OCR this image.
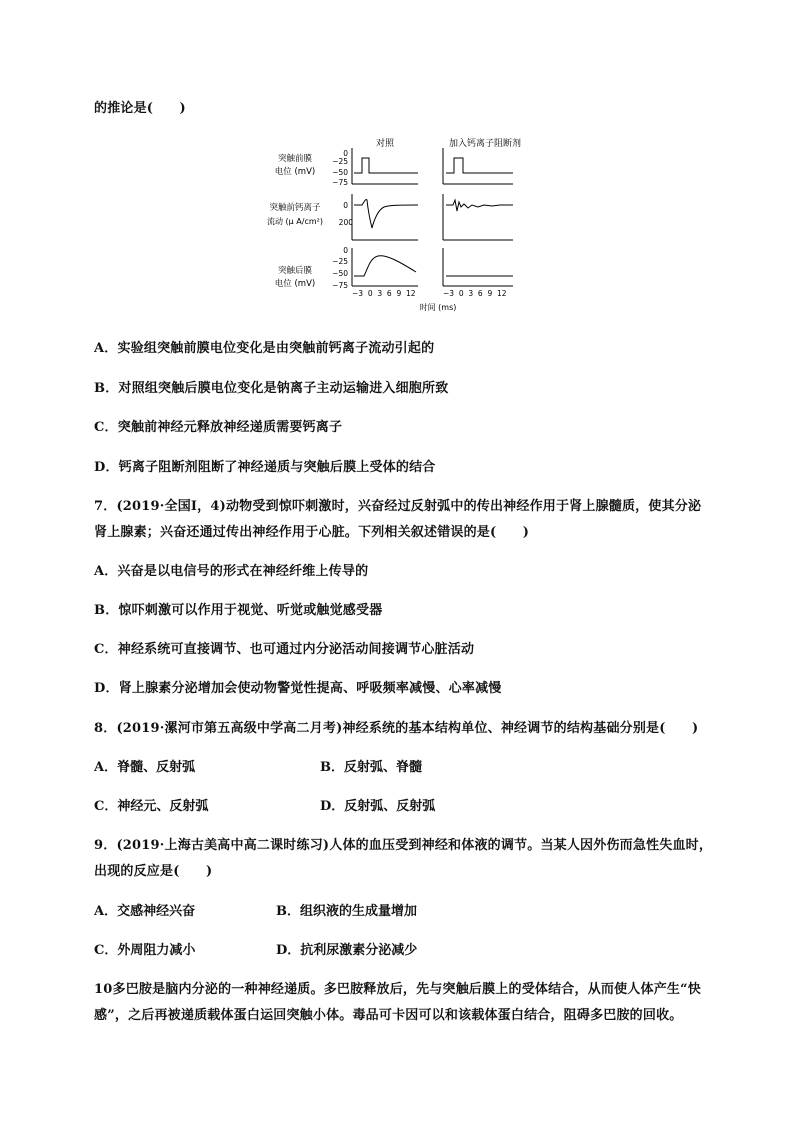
的推论是(　　)
对照	加入钙离子阻断剂
突触前膜
电位 (mV)
0
−25
−50
−75
突触前钙离子
流动 (μ A/cm²)
0
200
突触后膜
电位 (mV)
0
−25
−50
−75
−3  0  3  6  9  12	−3  0  3  6  9  12
时间 (ms)
A．实验组突触前膜电位变化是由突触前钙离子流动引起的
B．对照组突触后膜电位变化是钠离子主动运输进入细胞所致
C．突触前神经元释放神经递质需要钙离子
D．钙离子阻断剂阻断了神经递质与突触后膜上受体的结合
7．(2019·全国Ⅰ，4)动物受到惊吓刺激时，兴奋经过反射弧中的传出神经作用于肾上腺髓质，使其分泌
肾上腺素；兴奋还通过传出神经作用于心脏。下列相关叙述错误的是(　　)
A．兴奋是以电信号的形式在神经纤维上传导的
B．惊吓刺激可以作用于视觉、听觉或触觉感受器
C．神经系统可直接调节、也可通过内分泌活动间接调节心脏活动
D．肾上腺素分泌增加会使动物警觉性提高、呼吸频率减慢、心率减慢
8．(2019·漯河市第五高级中学高二月考)神经系统的基本结构单位、神经调节的结构基础分别是(　　)
A．脊髓、反射弧	B．反射弧、脊髓
C．神经元、反射弧	D．反射弧、反射弧
9．(2019·上海古美高中高二课时练习)人体的血压受到神经和体液的调节。当某人因外伤而急性失血时，
出现的反应是(　　)
A．交感神经兴奋	B．组织液的生成量增加
C．外周阻力减小	D．抗利尿激素分泌减少
10多巴胺是脑内分泌的一种神经递质。多巴胺释放后，先与突触后膜上的受体结合，从而使人体产生“快
感”，之后再被递质载体蛋白运回突触小体。毒品可卡因可以和该载体蛋白结合，阻碍多巴胺的回收。
